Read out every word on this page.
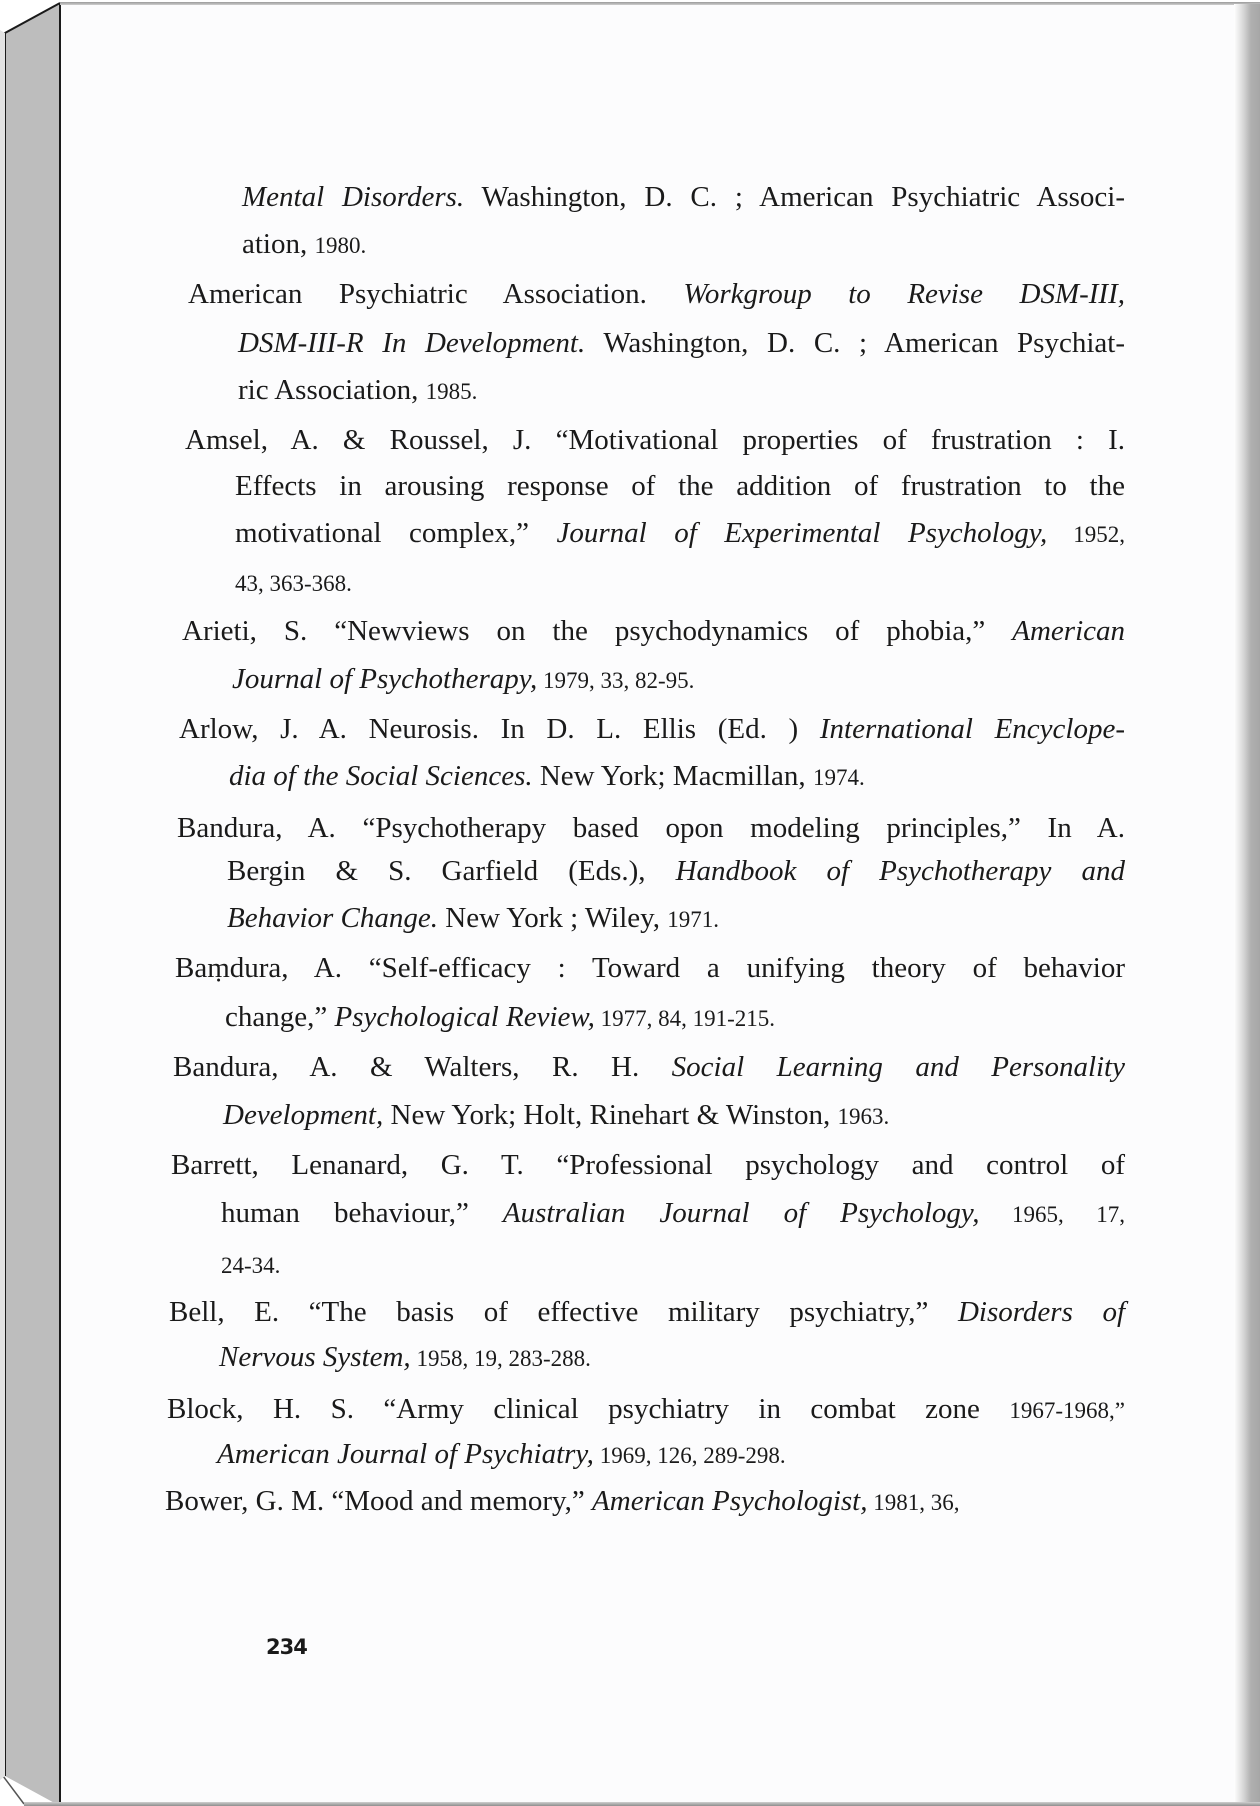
Mental Disorders. Washington, D. C. ; American Psychiatric Associ-
ation, 1980.
American Psychiatric Association. Workgroup to Revise DSM-III,
DSM-III-R In Development. Washington, D. C. ; American Psychiat-
ric Association, 1985.
Amsel, A. & Roussel, J. “Motivational properties of frustration : I.
Effects in arousing response of the addition of frustration to the
motivational complex,” Journal of Experimental Psychology, 1952,
43, 363-368.
Arieti, S. “Newviews on the psychodynamics of phobia,” American
Journal of Psychotherapy, 1979, 33, 82-95.
Arlow, J. A. Neurosis. In D. L. Ellis (Ed. ) International Encyclope-
dia of the Social Sciences. New York; Macmillan, 1974.
Bandura, A. “Psychotherapy based opon modeling principles,” In A.
Bergin & S. Garfield (Eds.), Handbook of Psychotherapy and
Behavior Change. New York ; Wiley, 1971.
Baṃdura, A. “Self-efficacy : Toward a unifying theory of behavior
change,” Psychological Review, 1977, 84, 191-215.
Bandura, A. & Walters, R. H. Social Learning and Personality
Development, New York; Holt, Rinehart & Winston, 1963.
Barrett, Lenanard, G. T. “Professional psychology and control of
human behaviour,” Australian Journal of Psychology, 1965, 17,
24-34.
Bell, E. “The basis of effective military psychiatry,” Disorders of
Nervous System, 1958, 19, 283-288.
Block, H. S. “Army clinical psychiatry in combat zone 1967-1968,”
American Journal of Psychiatry, 1969, 126, 289-298.
Bower, G. M. “Mood and memory,” American Psychologist, 1981, 36,
234
